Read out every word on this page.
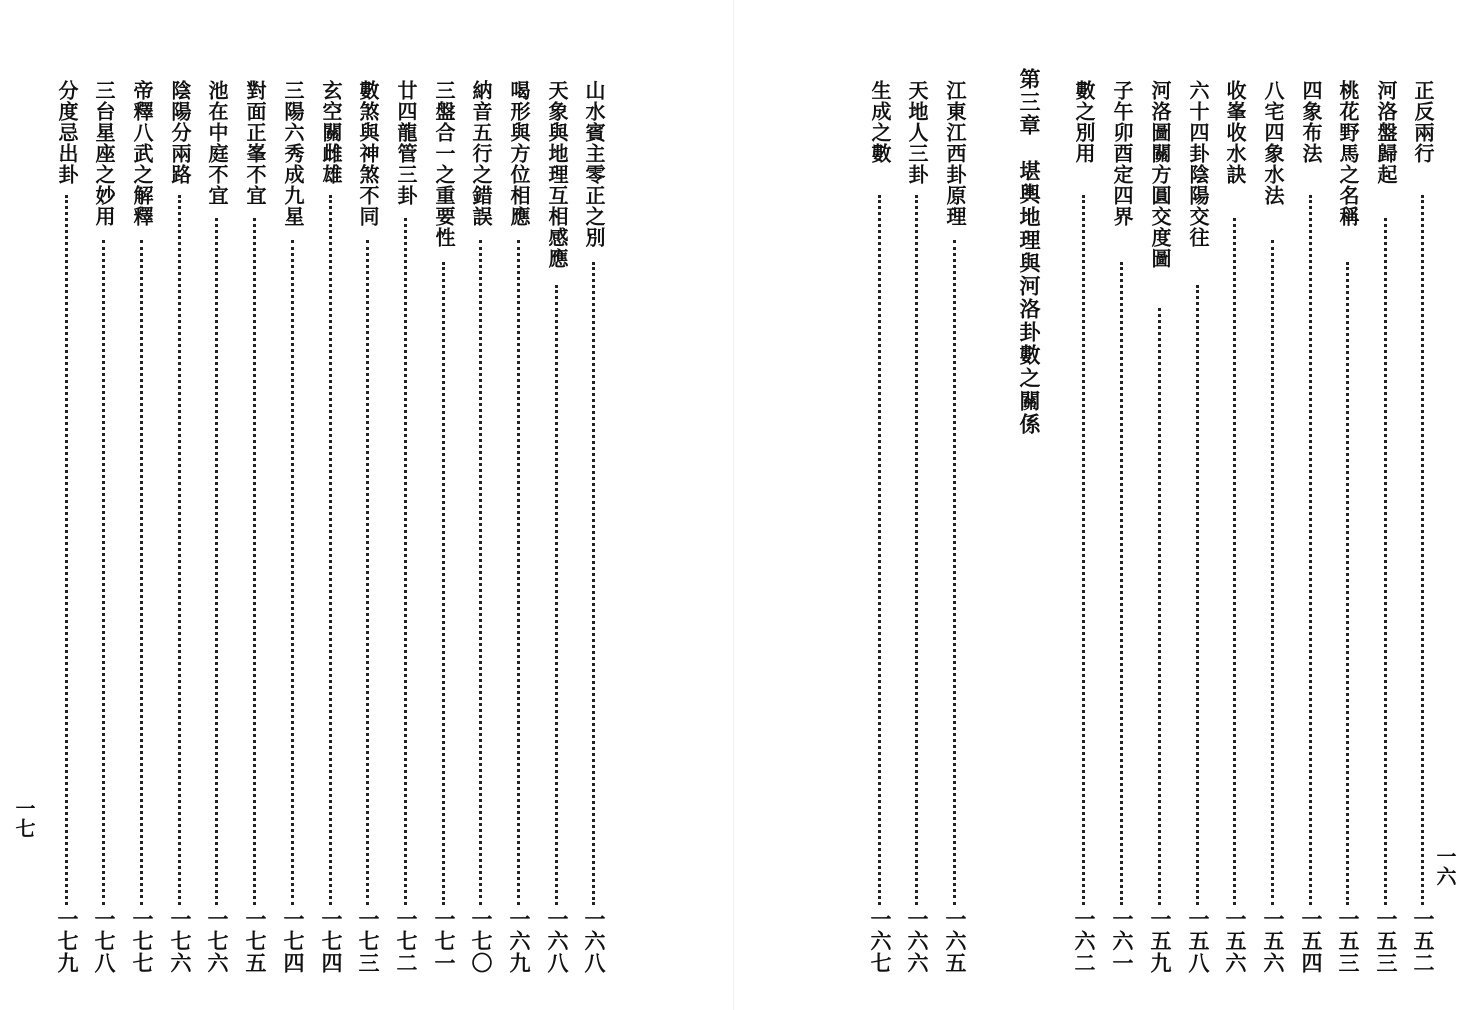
一七
山水賓主零正之別
一六八
天象與地理互相感應
一六八
喝形與方位相應
一六九
納音五行之錯誤
一七〇
三盤合一之重要性
一七一
廿四龍管三卦
一七二
數煞與神煞不同
一七三
玄空關雌雄
一七四
三陽六秀成九星
一七四
對面正峯不宜
一七五
池在中庭不宜
一七六
陰陽分兩路
一七六
帝釋八武之解釋
一七七
三台星座之妙用
一七八
分度忌出卦
一七九
一六
正反兩行
一五二
河洛盤歸起
一五三
桃花野馬之名稱
一五三
四象布法
一五四
八宅四象水法
一五六
收峯收水訣
一五六
六十四卦陰陽交往
一五八
河洛圖關方圓交度圖
一五九
子午卯酉定四界
一六一
數之別用
一六二
第三章　堪輿地理與河洛卦數之關係
江東江西卦原理
一六五
天地人三卦
一六六
生成之數
一六七
